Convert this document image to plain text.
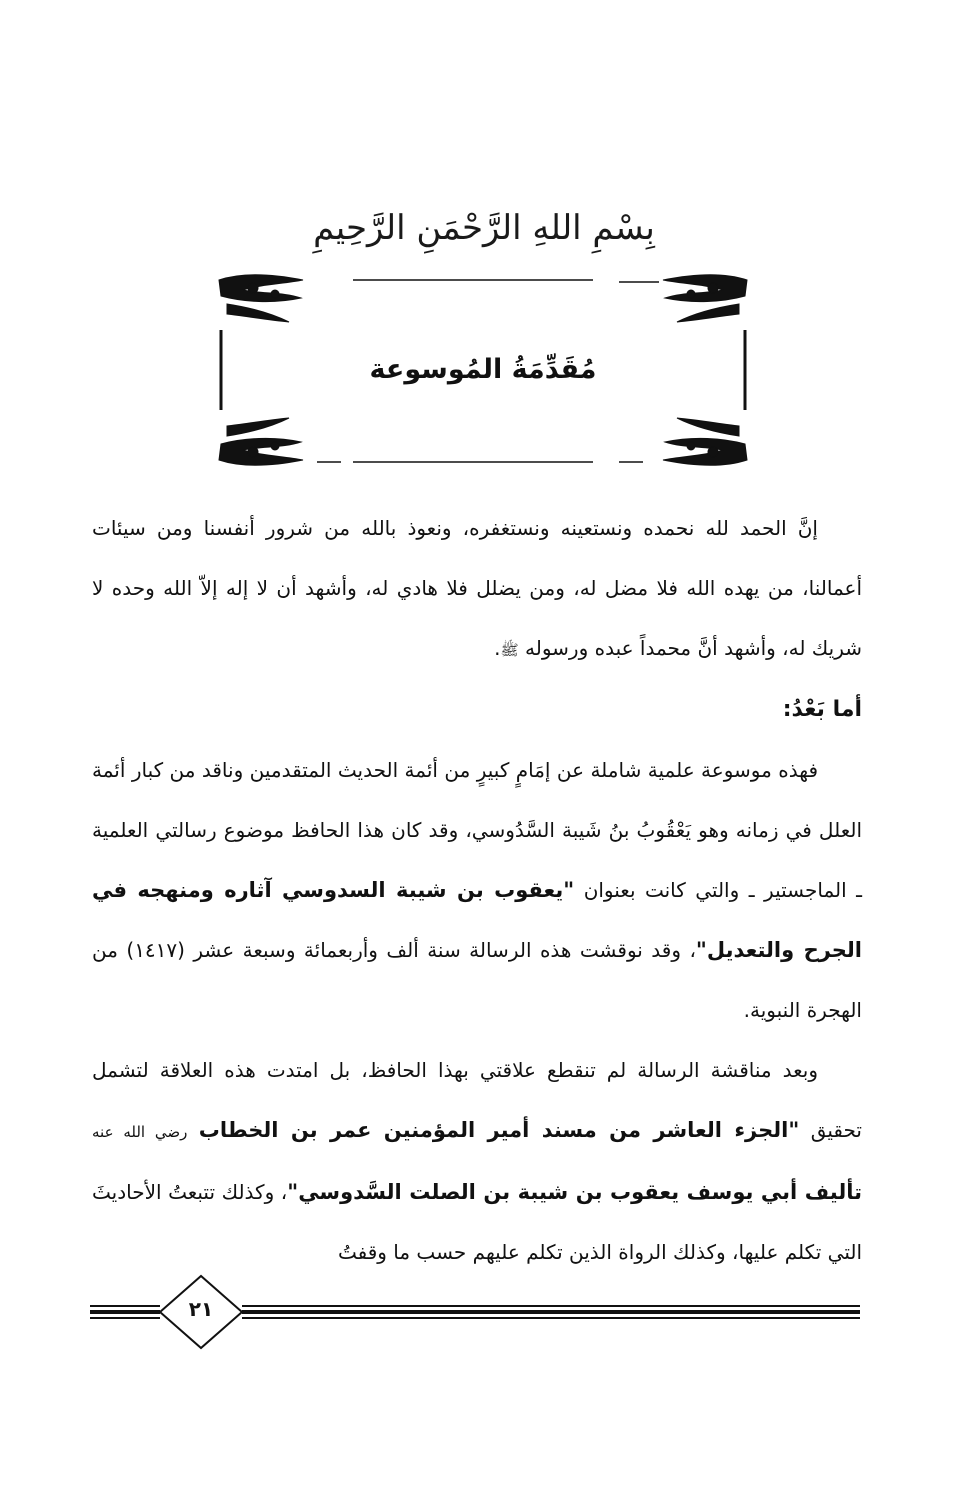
بِسْمِ اللهِ الرَّحْمَنِ الرَّحِيمِ
مُقَدِّمَةُ المُوسوعة

إنَّ الحمد لله نحمده ونستعينه ونستغفره، ونعوذ بالله من شرور أنفسنا ومن سيئات أعمالنا، من يهده الله فلا مضل له، ومن يضلل فلا هادي له، وأشهد أن لا إله إلاّ الله وحده لا شريك له، وأشهد أنَّ محمداً عبده ورسوله ﷺ.

أما بَعْدُ:

فهذه موسوعة علمية شاملة عن إمَامٍ كبيرٍ من أئمة الحديث المتقدمين وناقد من كبار أئمة العلل في زمانه وهو يَعْقُوبُ بنُ شَيبة السَّدُوسي، وقد كان هذا الحافظ موضوع رسالتي العلمية ـ الماجستير ـ والتي كانت بعنوان "يعقوب بن شيبة السدوسي آثاره ومنهجه في الجرح والتعديل"، وقد نوقشت هذه الرسالة سنة ألف وأربعمائة وسبعة عشر (١٤١٧) من الهجرة النبوية.

وبعد مناقشة الرسالة لم تنقطع علاقتي بهذا الحافظ، بل امتدت هذه العلاقة لتشمل تحقيق "الجزء العاشر من مسند أمير المؤمنين عمر بن الخطاب رضي الله عنه تأليف أبي يوسف يعقوب بن شيبة بن الصلت السَّدوسي"، وكذلك تتبعتُ الأحاديثَ التي تكلم عليها، وكذلك الرواة الذين تكلم عليهم حسب ما وقفتُ

٢١
